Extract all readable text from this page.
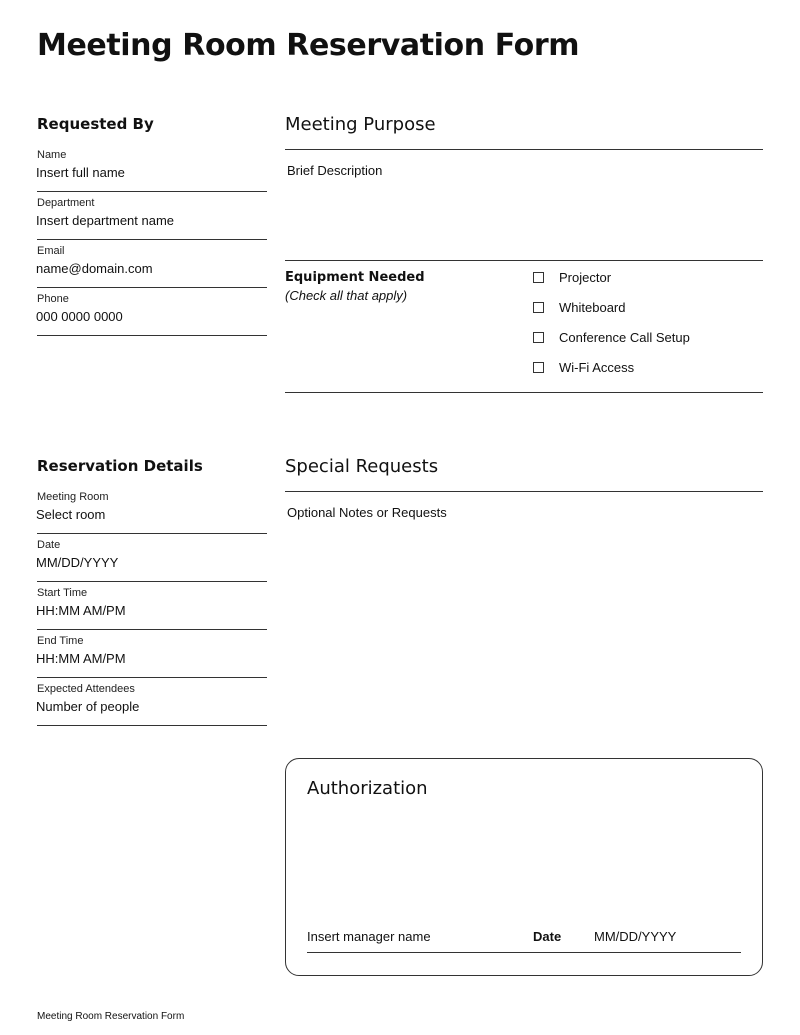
Meeting Room Reservation Form
Requested By
Name
Insert full name
Department
Insert department name
Email
name@domain.com
Phone
000 0000 0000
Meeting Purpose
Brief Description
Equipment Needed
(Check all that apply)
Projector
Whiteboard
Conference Call Setup
Wi-Fi Access
Reservation Details
Meeting Room
Select room
Date
MM/DD/YYYY
Start Time
HH:MM AM/PM
End Time
HH:MM AM/PM
Expected Attendees
Number of people
Special Requests
Optional Notes or Requests
Authorization
Insert manager name	Date	MM/DD/YYYY
Meeting Room Reservation Form
